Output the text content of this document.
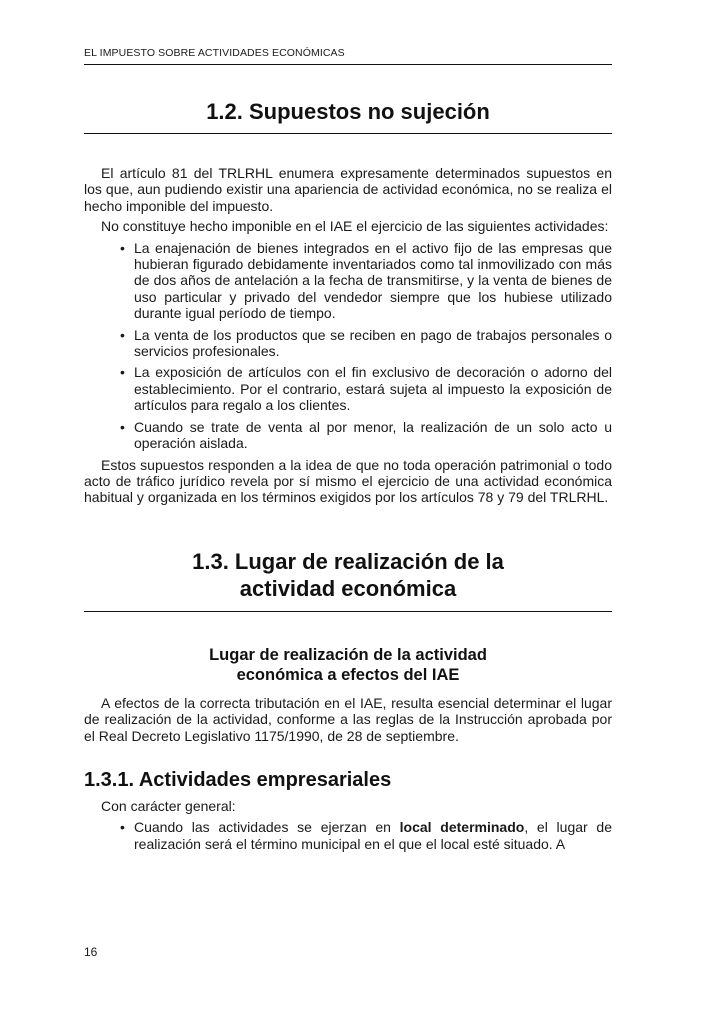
EL IMPUESTO SOBRE ACTIVIDADES ECONÓMICAS
1.2. Supuestos no sujeción

El artículo 81 del TRLRHL enumera expresamente determinados supuestos en los que, aun pudiendo existir una apariencia de actividad económica, no se realiza el hecho imponible del impuesto.

No constituye hecho imponible en el IAE el ejercicio de las siguientes actividades:

• La enajenación de bienes integrados en el activo fijo de las empresas que hubieran figurado debidamente inventariados como tal inmovilizado con más de dos años de antelación a la fecha de transmitirse, y la venta de bienes de uso particular y privado del vendedor siempre que los hubiese utilizado durante igual período de tiempo.
• La venta de los productos que se reciben en pago de trabajos personales o servicios profesionales.
• La exposición de artículos con el fin exclusivo de decoración o adorno del establecimiento. Por el contrario, estará sujeta al impuesto la exposición de artículos para regalo a los clientes.
• Cuando se trate de venta al por menor, la realización de un solo acto u operación aislada.

Estos supuestos responden a la idea de que no toda operación patrimonial o todo acto de tráfico jurídico revela por sí mismo el ejercicio de una actividad económica habitual y organizada en los términos exigidos por los artículos 78 y 79 del TRLRHL.

1.3. Lugar de realización de la
actividad económica
Lugar de realización de la actividad
económica a efectos del IAE

A efectos de la correcta tributación en el IAE, resulta esencial determinar el lugar de realización de la actividad, conforme a las reglas de la Instrucción aprobada por el Real Decreto Legislativo 1175/1990, de 28 de septiembre.

1.3.1. Actividades empresariales

Con carácter general:

• Cuando las actividades se ejerzan en local determinado, el lugar de realización será el término municipal en el que el local esté situado. A
16
